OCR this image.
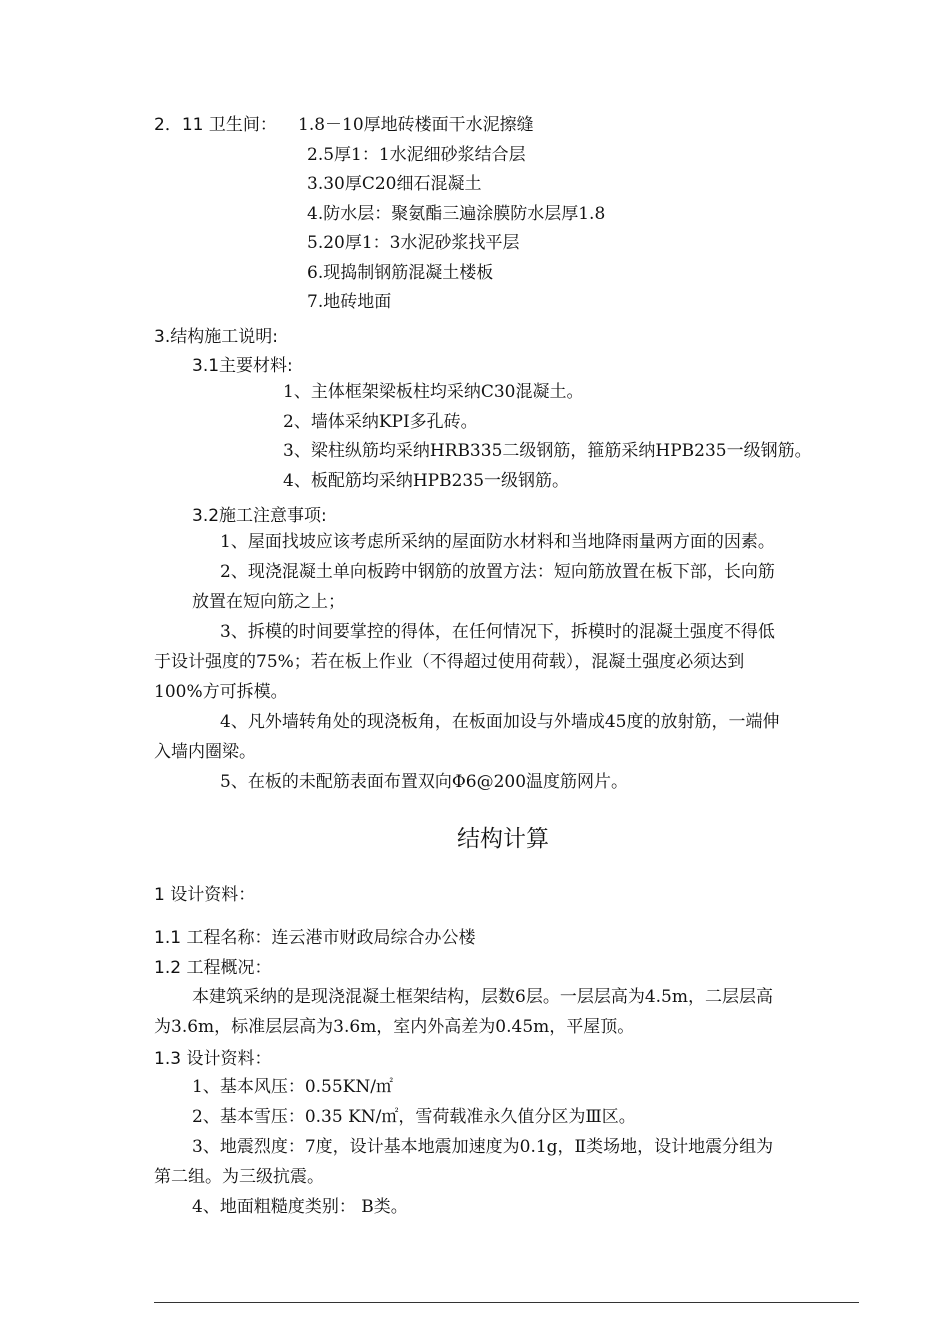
2．11 卫生间： 1.8－10厚地砖楼面干水泥擦缝
2.5厚1：1水泥细砂浆结合层
3.30厚C20细石混凝土
4.防水层：聚氨酯三遍涂膜防水层厚1.8
5.20厚1：3水泥砂浆找平层
6.现捣制钢筋混凝土楼板
7.地砖地面
3.结构施工说明:
3.1主要材料:
1、主体框架梁板柱均采纳C30混凝土。
2、墙体采纳KPI多孔砖。
3、梁柱纵筋均采纳HRB335二级钢筋，箍筋采纳HPB235一级钢筋。
4、板配筋均采纳HPB235一级钢筋。
3.2施工注意事项:
1、屋面找坡应该考虑所采纳的屋面防水材料和当地降雨量两方面的因素。
2、现浇混凝土单向板跨中钢筋的放置方法：短向筋放置在板下部，长向筋
放置在短向筋之上；
3、拆模的时间要掌控的得体，在任何情况下，拆模时的混凝土强度不得低
于设计强度的75%；若在板上作业（不得超过使用荷载），混凝土强度必须达到
100%方可拆模。
4、凡外墙转角处的现浇板角，在板面加设与外墙成45度的放射筋，一端伸
入墙内圈梁。
5、在板的未配筋表面布置双向Φ6@200温度筋网片。
结构计算
1 设计资料：
1.1 工程名称：连云港市财政局综合办公楼
1.2 工程概况：
本建筑采纳的是现浇混凝土框架结构，层数6层。一层层高为4.5m，二层层高
为3.6m，标准层层高为3.6m，室内外高差为0.45m，平屋顶。
1.3 设计资料：
1、基本风压：0.55KN/㎡
2、基本雪压：0.35 KN/㎡，雪荷载准永久值分区为Ⅲ区。
3、地震烈度：7度，设计基本地震加速度为0.1g，Ⅱ类场地，设计地震分组为
第二组。为三级抗震。
4、地面粗糙度类别： B类。
